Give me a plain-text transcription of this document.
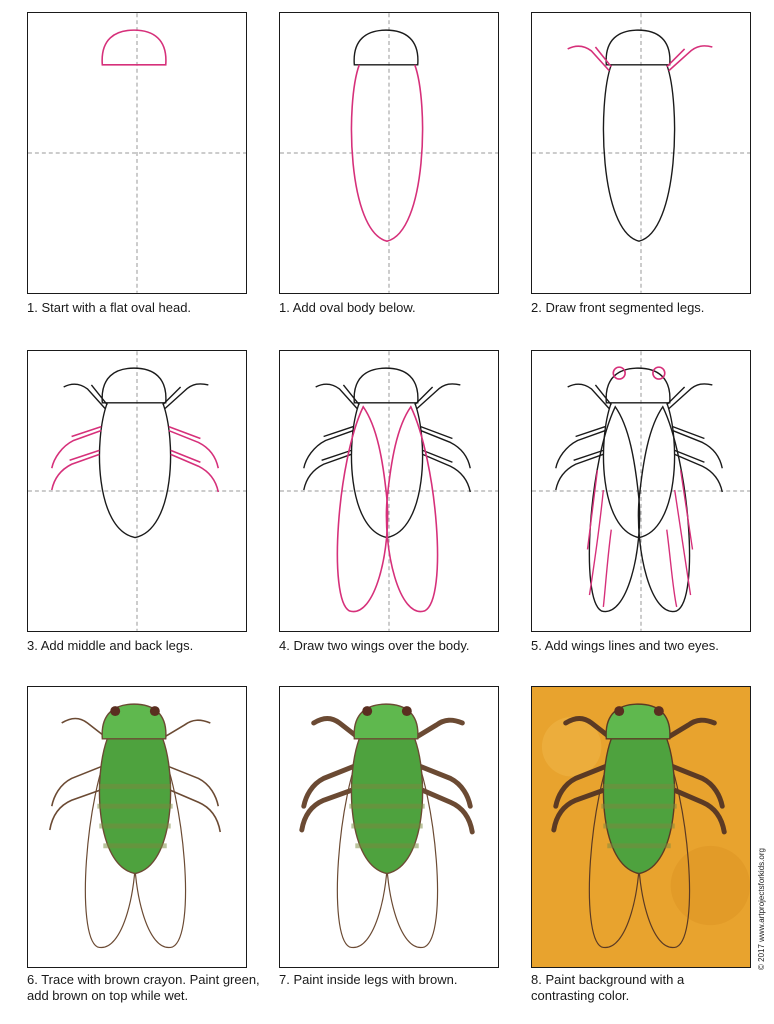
1. Start with a flat oval head.	1. Add oval body below.	2. Draw front segmented legs.
3. Add middle and back legs.	4. Draw two wings over the body.	5. Add wings lines and two eyes.
6. Trace with brown crayon. Paint green, add brown on top while wet.
7. Paint inside legs with brown.	8. Paint background with a contrasting color.
© 2017 www.artprojectsforkids.org
